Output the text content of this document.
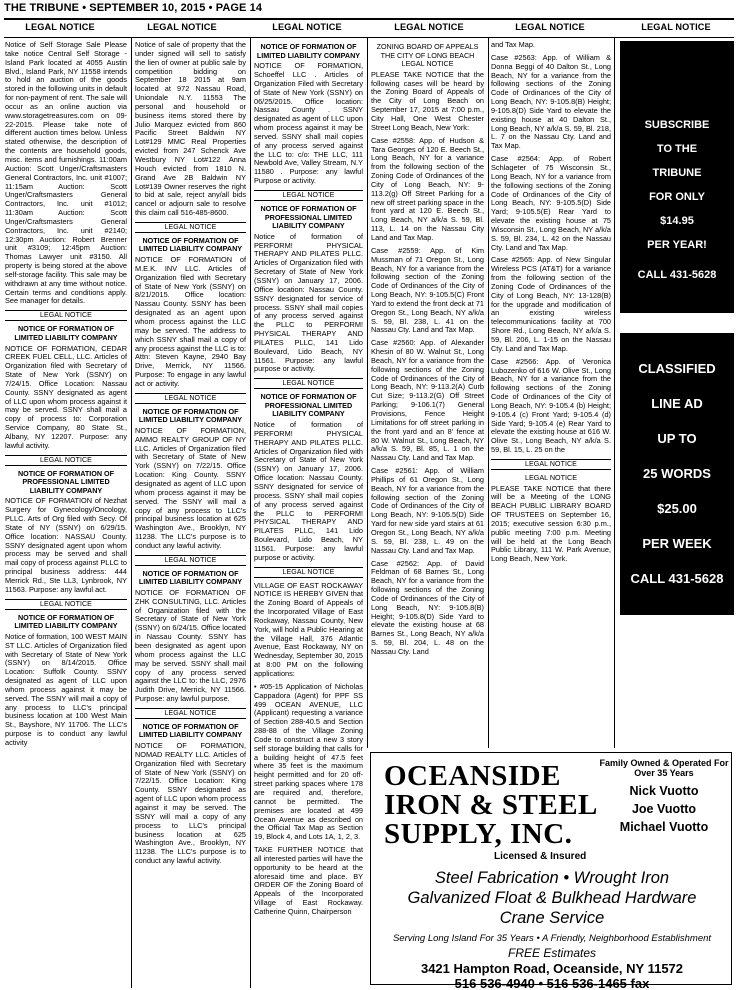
THE TRIBUNE • SEPTEMBER 10, 2015 • PAGE 14
LEGAL NOTICE	LEGAL NOTICE	LEGAL NOTICE	LEGAL NOTICE	LEGAL NOTICE	LEGAL NOTICE

Notice of Self Storage Sale Please take notice Central Self Storage - Island Park located at 4055 Austin Blvd., Island Park, NY 11558 intends to hold an auction of the goods stored in the following units in default for non-payment of rent. The sale will occur as an online auction via www.storagetreasures.com on 09-22-2015. Please take note of different auction times below. Unless stated otherwise, the description of the contents are household goods, misc. items and furnishings. 11:00am Auction: Scott Unger/Craftsmasters General Contractors, Inc. unit #1007; 11:15am Auction: Scott Unger/Craftsmasters General Contractors, Inc. unit #1012; 11:30am Auction: Scott Unger/Craftsmasters General Contractors, Inc. unit #2140; 12:30pm Auction: Robert Brenner unit #3109; 12:45pm Auction: Thomas Lawyer unit #3150. All property is being stored at the above self-storage facility. This sale may be withdrawn at any time without notice. Certain terms and conditions apply. See manager for details.

LEGAL NOTICE
NOTICE OF FORMATION OF LIMITED LIABILITY COMPANY

NOTICE OF FORMATION, CEDAR CREEK FUEL CELL, LLC. Articles of Organization filed with Secretary of State of New York (SSNY) on 7/24/15. Office Location: Nassau County. SSNY designated as agent of LLC upon whom process against it may be served. SSNY shall mail a copy of process to: Corporation Service Company, 80 State St., Albany, NY 12207. Purpose: any lawful activity.

LEGAL NOTICE
NOTICE OF FORMATION OF PROFESSIONAL LIMITED LIABILITY COMPANY

NOTICE OF FORMATION of Nezhat Surgery for Gynecology/Oncology, PLLC. Arts of Org filed with Secy. Of State of NY (SSNY) on 6/29/15. Office location: NASSAU County. SSNY designated agent upon whom process may be served and shall mail copy of process against PLLC to principal business address: 444 Merrick Rd., Ste LL3, Lynbrook, NY 11563. Purpose: any lawful act.

LEGAL NOTICE
NOTICE OF FORMATION OF LIMITED LIABILITY COMPANY

Notice of formation, 100 WEST MAIN ST LLC. Articles of Organization filed with Secretary of State of New York (SSNY) on 8/14/2015. Office Location: Suffolk County. SSNY designated as agent of LLC upon whom process against it may be served. The SSNY will mail a copy of any process to LLC's principal business location at 100 West Main St., Bayshore, NY 11706. The LLC's purpose is to conduct any lawful activity

Notice of sale of property that the under signed will sell to satisfy the lien of owner at public sale by competition bidding on September 18 2015 at 9am located at 972 Nassau Road, Uniondale N.Y. 11553 The personal and household or business items stored there by Julio Marquez evicted from 860 Pacific Street Baldwin NY Lot#129 MMC Real Properties evicted from 247 Schenck Ave Westbury NY Lot#122 Anna Houch evicted from 1810 N. Grand Ave 2B Baldwin NY Lot#139 Owner reserves the right to bid at sale, reject any/all bids cancel or adjourn sale to resolve this claim call 516-485-8600.

LEGAL NOTICE
NOTICE OF FORMATION OF LIMITED LIABILITY COMPANY

NOTICE OF FORMATION of M.E.K. INV LLC. Articles of Organization filed with Secretary of State of New York (SSNY) on 8/21/2015. Office location: Nassau County. SSNY has been designated as an agent upon whom process against the LLC may be served. The address to which SSNY shall mail a copy of any process against the LLC is to: Attn: Steven Kayne, 2940 Bay Drive, Merrick, NY 11566. Purpose: To engage in any lawful act or activity.

LEGAL NOTICE
NOTICE OF FORMATION OF LIMITED LIABILITY COMPANY

NOTICE OF FORMATION, AMMO REALTY GROUP OF NY LLC. Articles of Organization filed with Secretary of State of New York (SSNY) on 7/22/15. Office Location: King County. SSNY designated as agent of LLC upon whom process against it may be served. The SSNY will mail a copy of any process to LLC's principal business location at 625 Washington Ave., Brooklyn, NY 11238. The LLC's purpose is to conduct any lawful activity.

LEGAL NOTICE
NOTICE OF FORMATION OF LIMITED LIABILITY COMPANY

NOTICE OF FORMATION OF ZHK CONSULTING, LLC. Articles of Organization filed with the Secretary of State of New York (SSNY) on 6/24/15. Office located in Nassau County. SSNY has been designated as agent upon whom process against the LLC may be served. SSNY shall mail copy of any process served against the LLC to: the LLC, 2976 Judith Drive, Merrick, NY 11566. Purpose: any lawful purpose.

LEGAL NOTICE
NOTICE OF FORMATION OF LIMITED LIABILITY COMPANY

NOTICE OF FORMATION, NOMAD REALTY LLC. Articles of Organization filed with Secretary of State of New York (SSNY) on 7/22/15. Office Location: King County. SSNY designated as agent of LLC upon whom process against it may be served. The SSNY will mail a copy of any process to LLC's principal business location at 625 Washington Ave., Brooklyn, NY 11238. The LLC's purpose is to conduct any lawful activity.

NOTICE OF FORMATION OF LIMITED LIABILITY COMPANY

NOTICE OF FORMATION, Schoeffel LLC . Articles of Organization Filed with Secretary of State of New York (SSNY) on 06/25/2015. Office location: Nassau County . SSNY designated as agent of LLC upon whom process against it may be served. SSNY shall mail copies of any process served against the LLC to: c/o: THE LLC, 111 Newbold Ave, Valley Stream, N.Y 11580 . Purpose: any lawful Purpose or activity.

LEGAL NOTICE
NOTICE OF FORMATION OF PROFESSIONAL LIMITED LIABILITY COMPANY

Notice of formation of PERFORM! PHYSICAL THERAPY AND PILATES PLLC. Articles of Organization filed with Secretary of State of New York (SSNY) on January 17, 2006. Office location: Nassau County. SSNY designated for service of process. SSNY shall mail copies of any process served against the PLLC to PERFORM! PHYSICAL THERAPY AND PILATES PLLC, 141 Lido Boulevard, Lido Beach, NY 11561. Purpose: any lawful purpose or activity.

LEGAL NOTICE
NOTICE OF FORMATION OF PROFESSIONAL LIMITED LIABILITY COMPANY

Notice of formation of PERFORM! PHYSICAL THERAPY AND PILATES PLLC. Articles of Organization filed with Secretary of State of New York (SSNY) on January 17, 2006. Office location: Nassau County. SSNY designated for service of process. SSNY shall mail copies of any process served against the PLLC to PERFORM! PHYSICAL THERAPY AND PILATES PLLC, 141 Lido Boulevard, Lido Beach, NY 11561. Purpose: any lawful purpose or activity.

LEGAL NOTICE

VILLAGE OF EAST ROCKAWAY NOTICE IS HEREBY GIVEN that the Zoning Board of Appeals of the Incorporated Village of East Rockaway, Nassau County, New York, will hold a Public Hearing at the Village Hall, 376 Atlantic Avenue, East Rockaway, NY on Wednesday, September 30, 2015 at 8:00 PM on the following applications:

• #05-15 Application of Nicholas Cappadora (Agent) for PPF SS 499 OCEAN AVENUE, LLC (Applicant) requesting a variance of Section 288-40.5 and Section 288-88 of the Village Zoning Code to construct a new 3 story self storage building that calls for a building height of 47.5 feet where 35 feet is the maximum height permitted and for 20 off-street parking spaces where 178 are required and, therefore, cannot be permitted. The premises are located at 499 Ocean Avenue as described on the Official Tax Map as Section 19, Block 4, and Lots 1A, 1, 2, 3.

TAKE FURTHER NOTICE that all interested parties will have the opportunity to be heard at the aforesaid time and place. BY ORDER OF the Zoning Board of Appeals of the Incorporated Village of East Rockaway. Catherine Quinn, Chairperson

ZONING BOARD OF APPEALS THE CITY OF LONG BEACH LEGAL NOTICE

PLEASE TAKE NOTICE that the following cases will be heard by the Zoning Board of Appeals of the City of Long Beach on September 17, 2015 at 7:00 p.m., City Hall, One West Chester Street Long Beach, New York:

Case #2558: App. of Hudson & Tara Georges of 120 E. Beech St., Long Beach, NY for a variance from the following section of the Zoning Code of Ordinances of the City of Long Beach, NY: 9-113.2(g) Off Street Parking for a new off street parking space in the front yard at 120 E. Beech St., Long Beach, NY a/k/a S. 59, Bl. 113, L. 14 on the Nassau City Land and Tax Map.

Case #2559: App. of Kim Mussman of 71 Oregon St., Long Beach, NY for a variance from the following section of the Zoning Code of Ordinances of the City of Long Beach, NY: 9-105.5(C) Front Yard to extend the front deck at 71 Oregon St., Long Beach, NY a/k/a S. 59, Bl. 238, L. 41 on the Nassau Cty. Land and Tax Map.

Case #2560: App. of Alexander Khesin of 80 W. Walnut St., Long Beach, NY for a variance from the following sections of the Zoning Code of Ordinances of the City of Long Beach, NY: 9-113.2(A) Curb Cut Size; 9-113.2(G) Off Street Parking; 9-106.1(7) General Provisions, Fence Height Limitations for off street parking in the front yard and an 8' fence at 80 W. Walnut St., Long Beach, NY a/k/a S. 59, Bl. 85, L. 1 on the Nassau Cty. Land and Tax Map.

Case #2561: App. of William Phillips of 61 Oregon St., Long Beach, NY for a variance from the following section of the Zoning Code of Ordinances of the City of Long Beach, NY: 9-105.5(D) Side Yard for new side yard stairs at 61 Oregon St., Long Beach, NY a/k/a S. 59, Bl. 238, L. 49 on the Nassau Cty. Land and Tax Map.

Case #2562: App. of David Feldman of 68 Barnes St., Long Beach, NY for a variance from the following sections of the Zoning Code of Ordinances of the City of Long Beach, NY: 9-105.8(B) Height; 9-105.8(D) Side Yard to elevate the existing house at 68 Barnes St., Long Beach, NY a/k/a S. 59, Bl. 204, L. 48 on the Nassau Cty. Land

and Tax Map.

Case #2563: App. of William & Donna Beggi of 40 Dalton St., Long Beach, NY for a variance from the following sections of the Zoning Code of Ordinances of the City of Long Beach, NY: 9-105.8(B) Height; 9-105.8(D) Side Yard to elevate the existing house at 40 Dalton St., Long Beach, NY a/k/a S. 59, Bl. 218, L. 7 on the Nassau Cty. Land and Tax Map.

Case #2564: App. of Robert Schlageter of 75 Wisconsin St., Long Beach, NY for a variance from the following sections of the Zoning Code of Ordinances of the City of Long Beach, NY: 9-105.5(D) Side Yard; 9-105.5(E) Rear Yard to elevate the existing house at 75 Wisconsin St., Long Beach, NY a/k/a S. 59, Bl. 234, L. 42 on the Nassau Cty. Land and Tax Map.

Case #2565: App. of New Singular Wireless PCS (AT&T) for a variance from the following section of the Zoning Code of Ordinances of the City of Long Beach, NY: 13-128(B) for the upgrade and modification of an existing wireless telecommunications facility at 700 Shore Rd., Long Beach, NY a/k/a S. 59, Bl. 206, L. 1-15 on the Nassau Cty. Land and Tax Map.

Case #2566: App. of Veronica Lubozenko of 616 W. Olive St., Long Beach, NY for a variance from the following sections of the Zoning Code of Ordinances of the City of Long Beach, NY: 9-105.4 (b) Height; 9-105.4 (c) Front Yard; 9-105.4 (d) Side Yard; 9-105.4 (e) Rear Yard to elevate the existing house at 616 W. Olive St., Long Beach, NY a/k/a S. 59, Bl. 15, L. 25 on the

LEGAL NOTICE
LEGAL NOTICE

PLEASE TAKE NOTICE that there will be a Meeting of the LONG BEACH PUBLIC LIBRARY BOARD OF TRUSTEES on September 16, 2015; executive session 6:30 p.m., public meeting 7:00 p.m. Meeting will be held at the Long Beach Public Library, 111 W. Park Avenue, Long Beach, New York.

SUBSCRIBE
TO THE
TRIBUNE
FOR ONLY
$14.95
PER YEAR!
CALL 431-5628
CLASSIFIED
LINE AD
UP TO
25 WORDS
$25.00
PER WEEK
CALL 431-5628
OCEANSIDE
IRON & STEEL
SUPPLY, INC.
Licensed & Insured
Family Owned & Operated For Over 35 Years
Nick Vuotto
Joe Vuotto
Michael Vuotto
Steel Fabrication • Wrought Iron
Galvanized Float & Bulkhead Hardware
Crane Service
Serving Long Island For 35 Years • A Friendly, Neighborhood Establishment
FREE Estimates
3421 Hampton Road, Oceanside, NY 11572
516 536-4940 • 516 536-1465 fax
